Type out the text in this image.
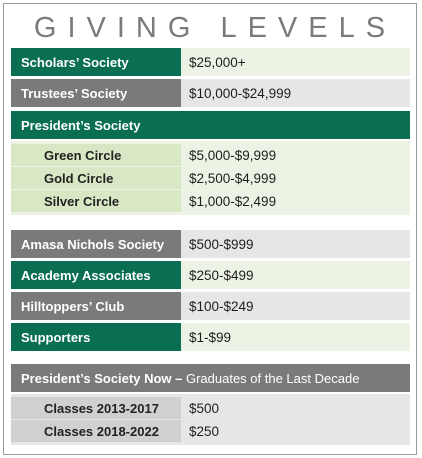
GIVING LEVELS
Scholars’ Society	$25,000+
Trustees’ Society	$10,000-$24,999
President’s Society
Green Circle	$5,000-$9,999
Gold Circle	$2,500-$4,999
Silver Circle	$1,000-$2,499
Amasa Nichols Society	$500-$999
Academy Associates	$250-$499
Hilltoppers’ Club	$100-$249
Supporters	$1-$99
President’s Society Now –
Graduates of the Last Decade
Classes 2013-2017	$500
Classes 2018-2022	$250
